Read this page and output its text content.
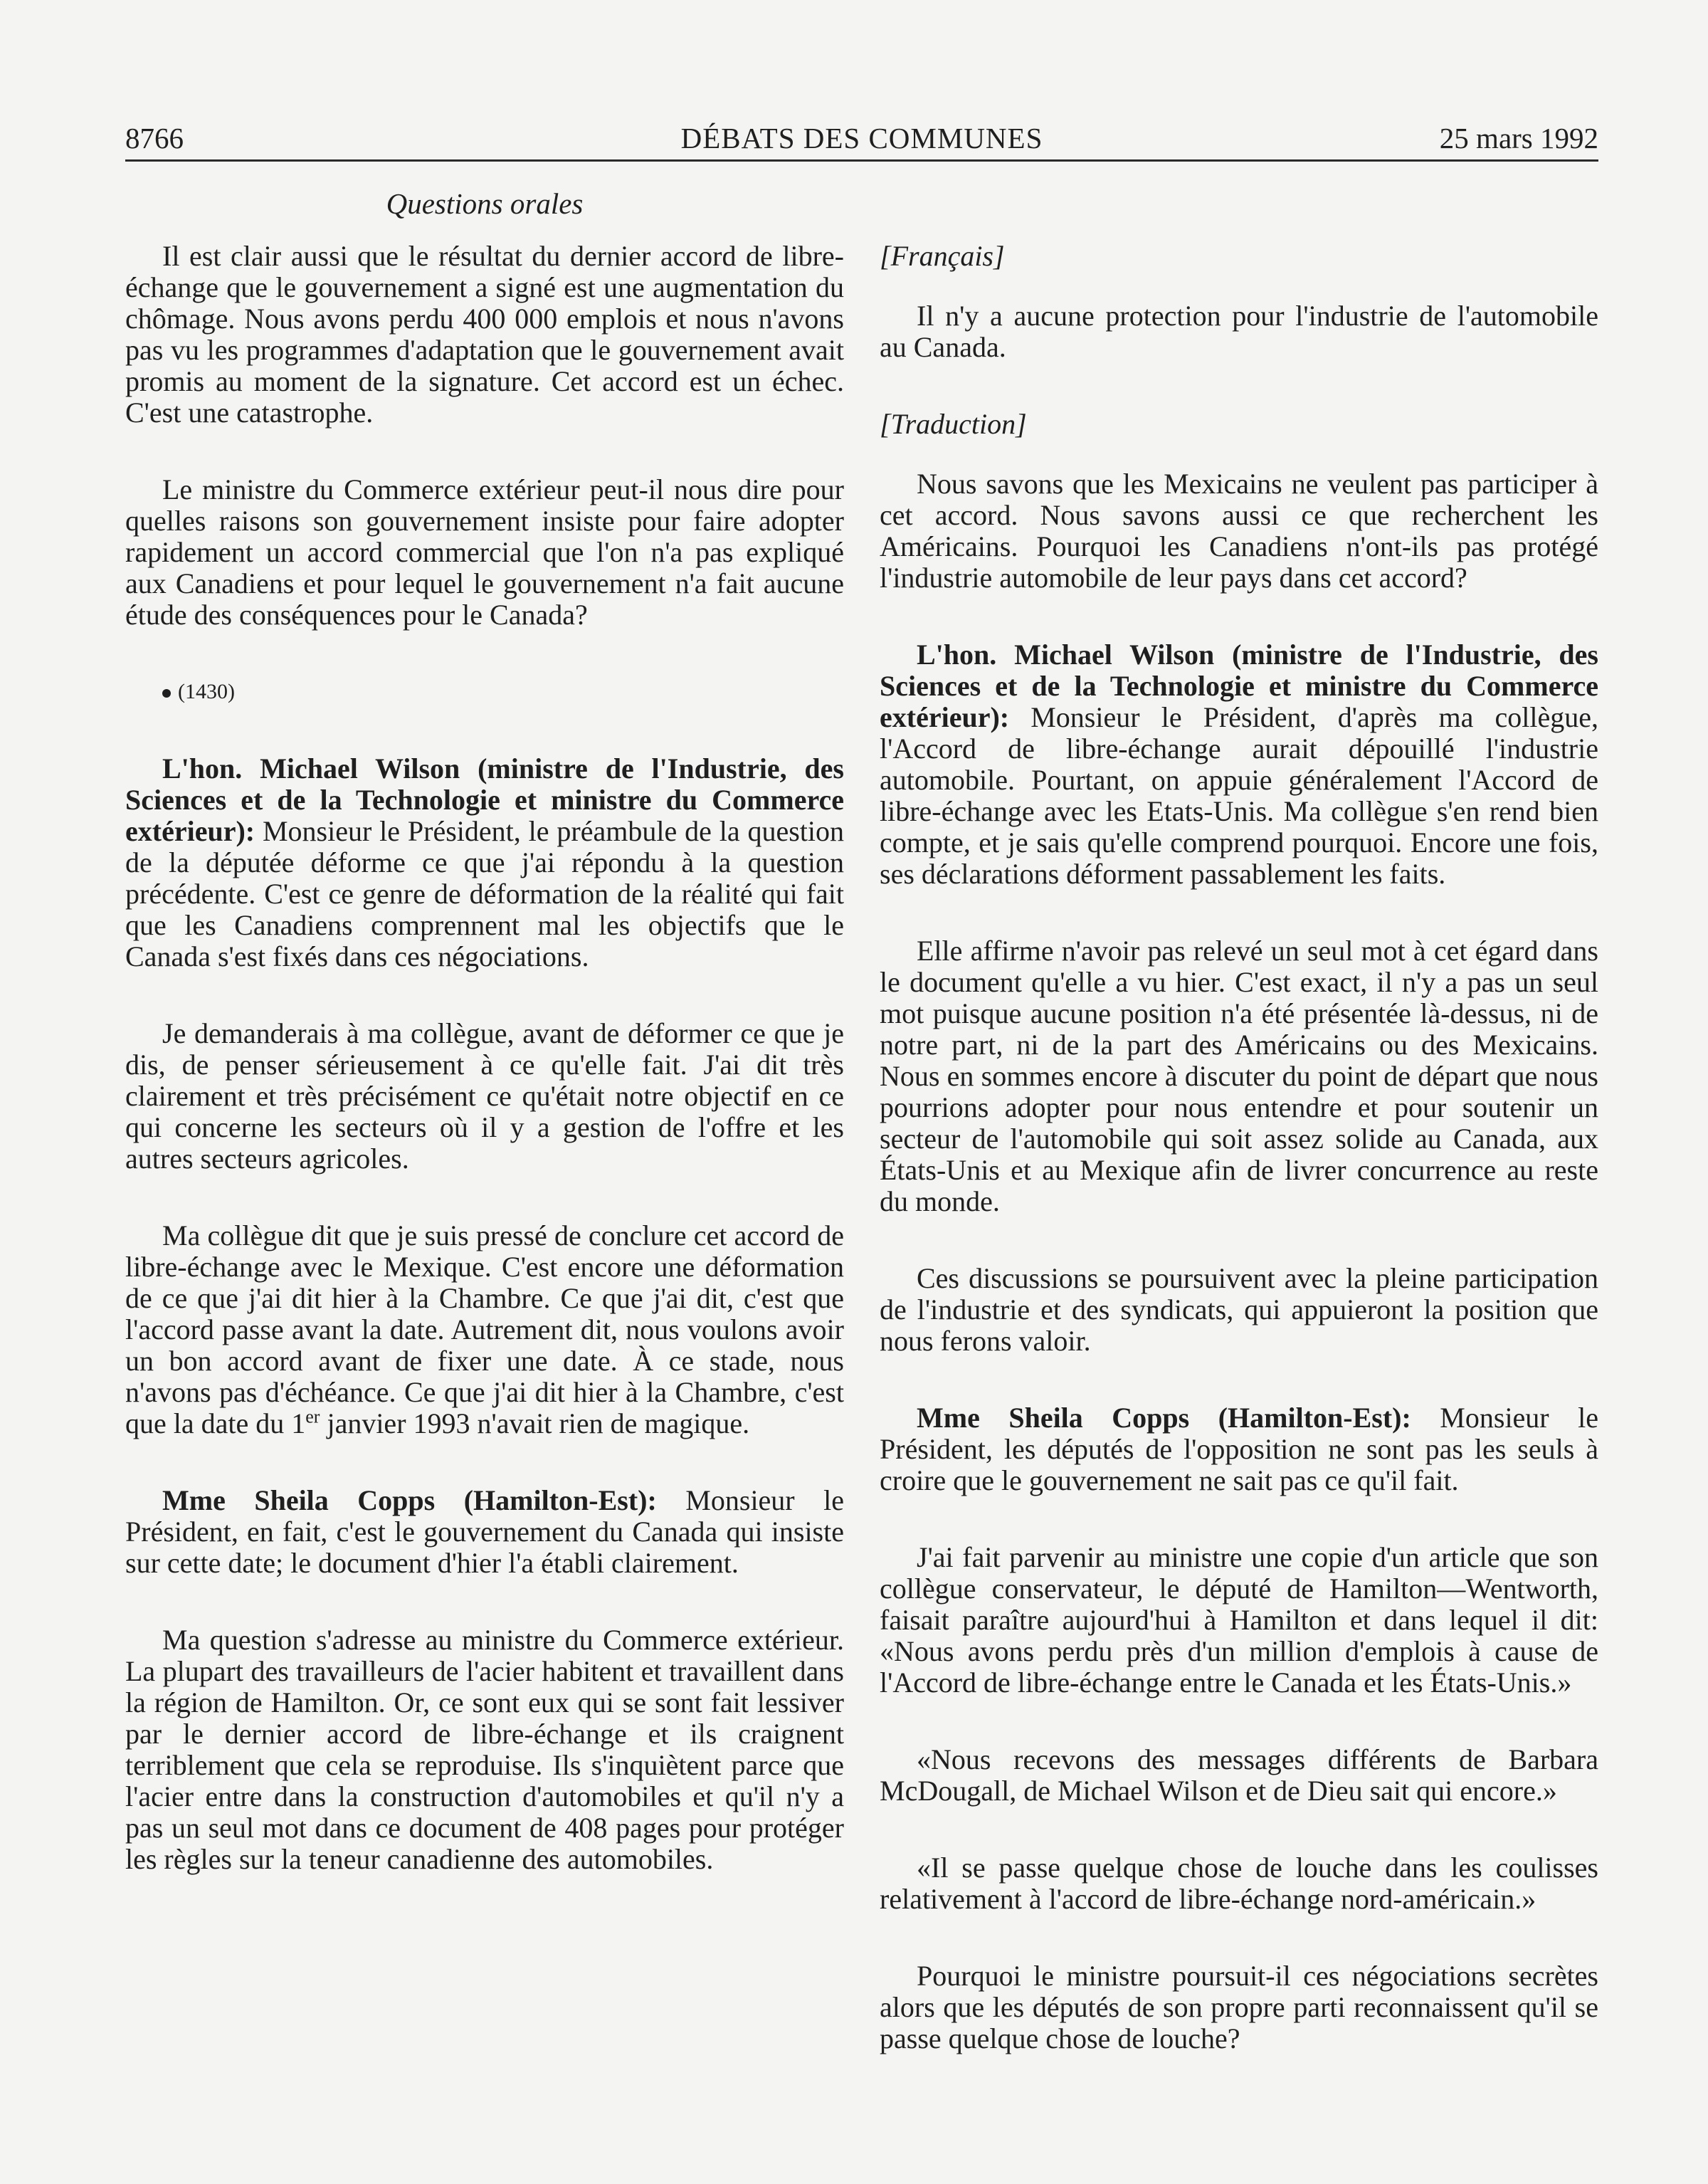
8766	DÉBATS DES COMMUNES	25 mars 1992
Questions orales

Il est clair aussi que le résultat du dernier accord de libre-échange que le gouvernement a signé est une augmentation du chômage. Nous avons perdu 400 000 emplois et nous n'avons pas vu les programmes d'adaptation que le gouvernement avait promis au moment de la signature. Cet accord est un échec. C'est une catastrophe.

Le ministre du Commerce extérieur peut-il nous dire pour quelles raisons son gouvernement insiste pour faire adopter rapidement un accord commercial que l'on n'a pas expliqué aux Canadiens et pour lequel le gouvernement n'a fait aucune étude des conséquences pour le Canada?

(1430)

L'hon. Michael Wilson (ministre de l'Industrie, des Sciences et de la Technologie et ministre du Commerce extérieur): Monsieur le Président, le préambule de la question de la députée déforme ce que j'ai répondu à la question précédente. C'est ce genre de déformation de la réalité qui fait que les Canadiens comprennent mal les objectifs que le Canada s'est fixés dans ces négociations.

Je demanderais à ma collègue, avant de déformer ce que je dis, de penser sérieusement à ce qu'elle fait. J'ai dit très clairement et très précisément ce qu'était notre objectif en ce qui concerne les secteurs où il y a gestion de l'offre et les autres secteurs agricoles.

Ma collègue dit que je suis pressé de conclure cet accord de libre-échange avec le Mexique. C'est encore une déformation de ce que j'ai dit hier à la Chambre. Ce que j'ai dit, c'est que l'accord passe avant la date. Autrement dit, nous voulons avoir un bon accord avant de fixer une date. À ce stade, nous n'avons pas d'échéance. Ce que j'ai dit hier à la Chambre, c'est que la date du 1er janvier 1993 n'avait rien de magique.

Mme Sheila Copps (Hamilton-Est): Monsieur le Président, en fait, c'est le gouvernement du Canada qui insiste sur cette date; le document d'hier l'a établi clairement.

Ma question s'adresse au ministre du Commerce extérieur. La plupart des travailleurs de l'acier habitent et travaillent dans la région de Hamilton. Or, ce sont eux qui se sont fait lessiver par le dernier accord de libre-échange et ils craignent terriblement que cela se reproduise. Ils s'inquiètent parce que l'acier entre dans la construction d'automobiles et qu'il n'y a pas un seul mot dans ce document de 408 pages pour protéger les règles sur la teneur canadienne des automobiles.

[Français]

Il n'y a aucune protection pour l'industrie de l'automobile au Canada.

[Traduction]

Nous savons que les Mexicains ne veulent pas participer à cet accord. Nous savons aussi ce que recherchent les Américains. Pourquoi les Canadiens n'ont-ils pas protégé l'industrie automobile de leur pays dans cet accord?

L'hon. Michael Wilson (ministre de l'Industrie, des Sciences et de la Technologie et ministre du Commerce extérieur): Monsieur le Président, d'après ma collègue, l'Accord de libre-échange aurait dépouillé l'industrie automobile. Pourtant, on appuie généralement l'Accord de libre-échange avec les Etats-Unis. Ma collègue s'en rend bien compte, et je sais qu'elle comprend pourquoi. Encore une fois, ses déclarations déforment passablement les faits.

Elle affirme n'avoir pas relevé un seul mot à cet égard dans le document qu'elle a vu hier. C'est exact, il n'y a pas un seul mot puisque aucune position n'a été présentée là-dessus, ni de notre part, ni de la part des Américains ou des Mexicains. Nous en sommes encore à discuter du point de départ que nous pourrions adopter pour nous entendre et pour soutenir un secteur de l'automobile qui soit assez solide au Canada, aux États-Unis et au Mexique afin de livrer concurrence au reste du monde.

Ces discussions se poursuivent avec la pleine participation de l'industrie et des syndicats, qui appuieront la position que nous ferons valoir.

Mme Sheila Copps (Hamilton-Est): Monsieur le Président, les députés de l'opposition ne sont pas les seuls à croire que le gouvernement ne sait pas ce qu'il fait.

J'ai fait parvenir au ministre une copie d'un article que son collègue conservateur, le député de Hamilton—Wentworth, faisait paraître aujourd'hui à Hamilton et dans lequel il dit: «Nous avons perdu près d'un million d'emplois à cause de l'Accord de libre-échange entre le Canada et les États-Unis.»

«Nous recevons des messages différents de Barbara McDougall, de Michael Wilson et de Dieu sait qui encore.»

«Il se passe quelque chose de louche dans les coulisses relativement à l'accord de libre-échange nord-américain.»

Pourquoi le ministre poursuit-il ces négociations secrètes alors que les députés de son propre parti reconnaissent qu'il se passe quelque chose de louche?
